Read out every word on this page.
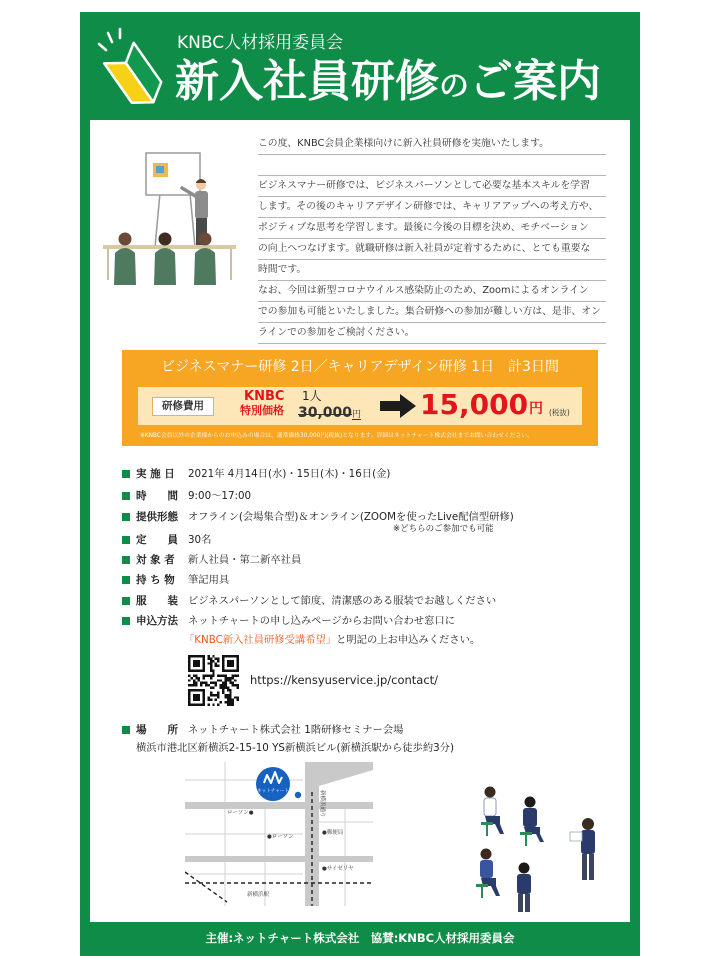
KNBC人材採用委員会
新入社員研修のご案内
この度、KNBC会員企業様向けに新入社員研修を実施いたします。
ビジネスマナー研修では、ビジネスパーソンとして必要な基本スキルを学習
します。その後のキャリアデザイン研修では、キャリアアップへの考え方や、
ポジティブな思考を学習します。最後に今後の目標を決め、モチベーション
の向上へつなげます。就職研修は新入社員が定着するために、とても重要な
時間です。
なお、今回は新型コロナウイルス感染防止のため、Zoomによるオンライン
での参加も可能といたしました。集合研修への参加が難しい方は、是非、オン
ラインでの参加をご検討ください。
ビジネスマナー研修 2日／キャリアデザイン研修 1日　計3日間
研修費用
KNBC
特別価格
1人
30,000円 15,000 円 (税抜)
※KNBC会員以外の企業様からのお申込みの場合は、通常価格30,000円(税抜)となります。詳細はネットチャート株式会社までお問い合わせください。
実 施 日 2021年 4月14日(水)・15日(木)・16日(金)
時　　間 9:00～17:00
提供形態 オフライン(会場集合型)＆オンライン(ZOOMを使ったLive配信型研修)
※どちらのご参加でも可能
定　　員 30名
対 象 者 新人社員・第二新卒社員
持 ち 物 筆記用具
服　　装 ビジネスパーソンとして節度、清潔感のある服装でお越しください
申込方法 ネットチャートの申し込みページからお問い合わせ窓口に
「KNBC新入社員研修受講希望」と明記の上お申込みください。
https://kensyuservice.jp/contact/
場　　所 ネットチャート株式会社 1階研修セミナー会場
横浜市港北区新横浜2-15-10 YS新横浜ビル(新横浜駅から徒歩約3分)
ネットチャート
ローソン●
●ローソン
●郵便局
●サイゼリヤ
新横浜通り
新横浜駅
主催:ネットチャート株式会社　協賛:KNBC人材採用委員会
